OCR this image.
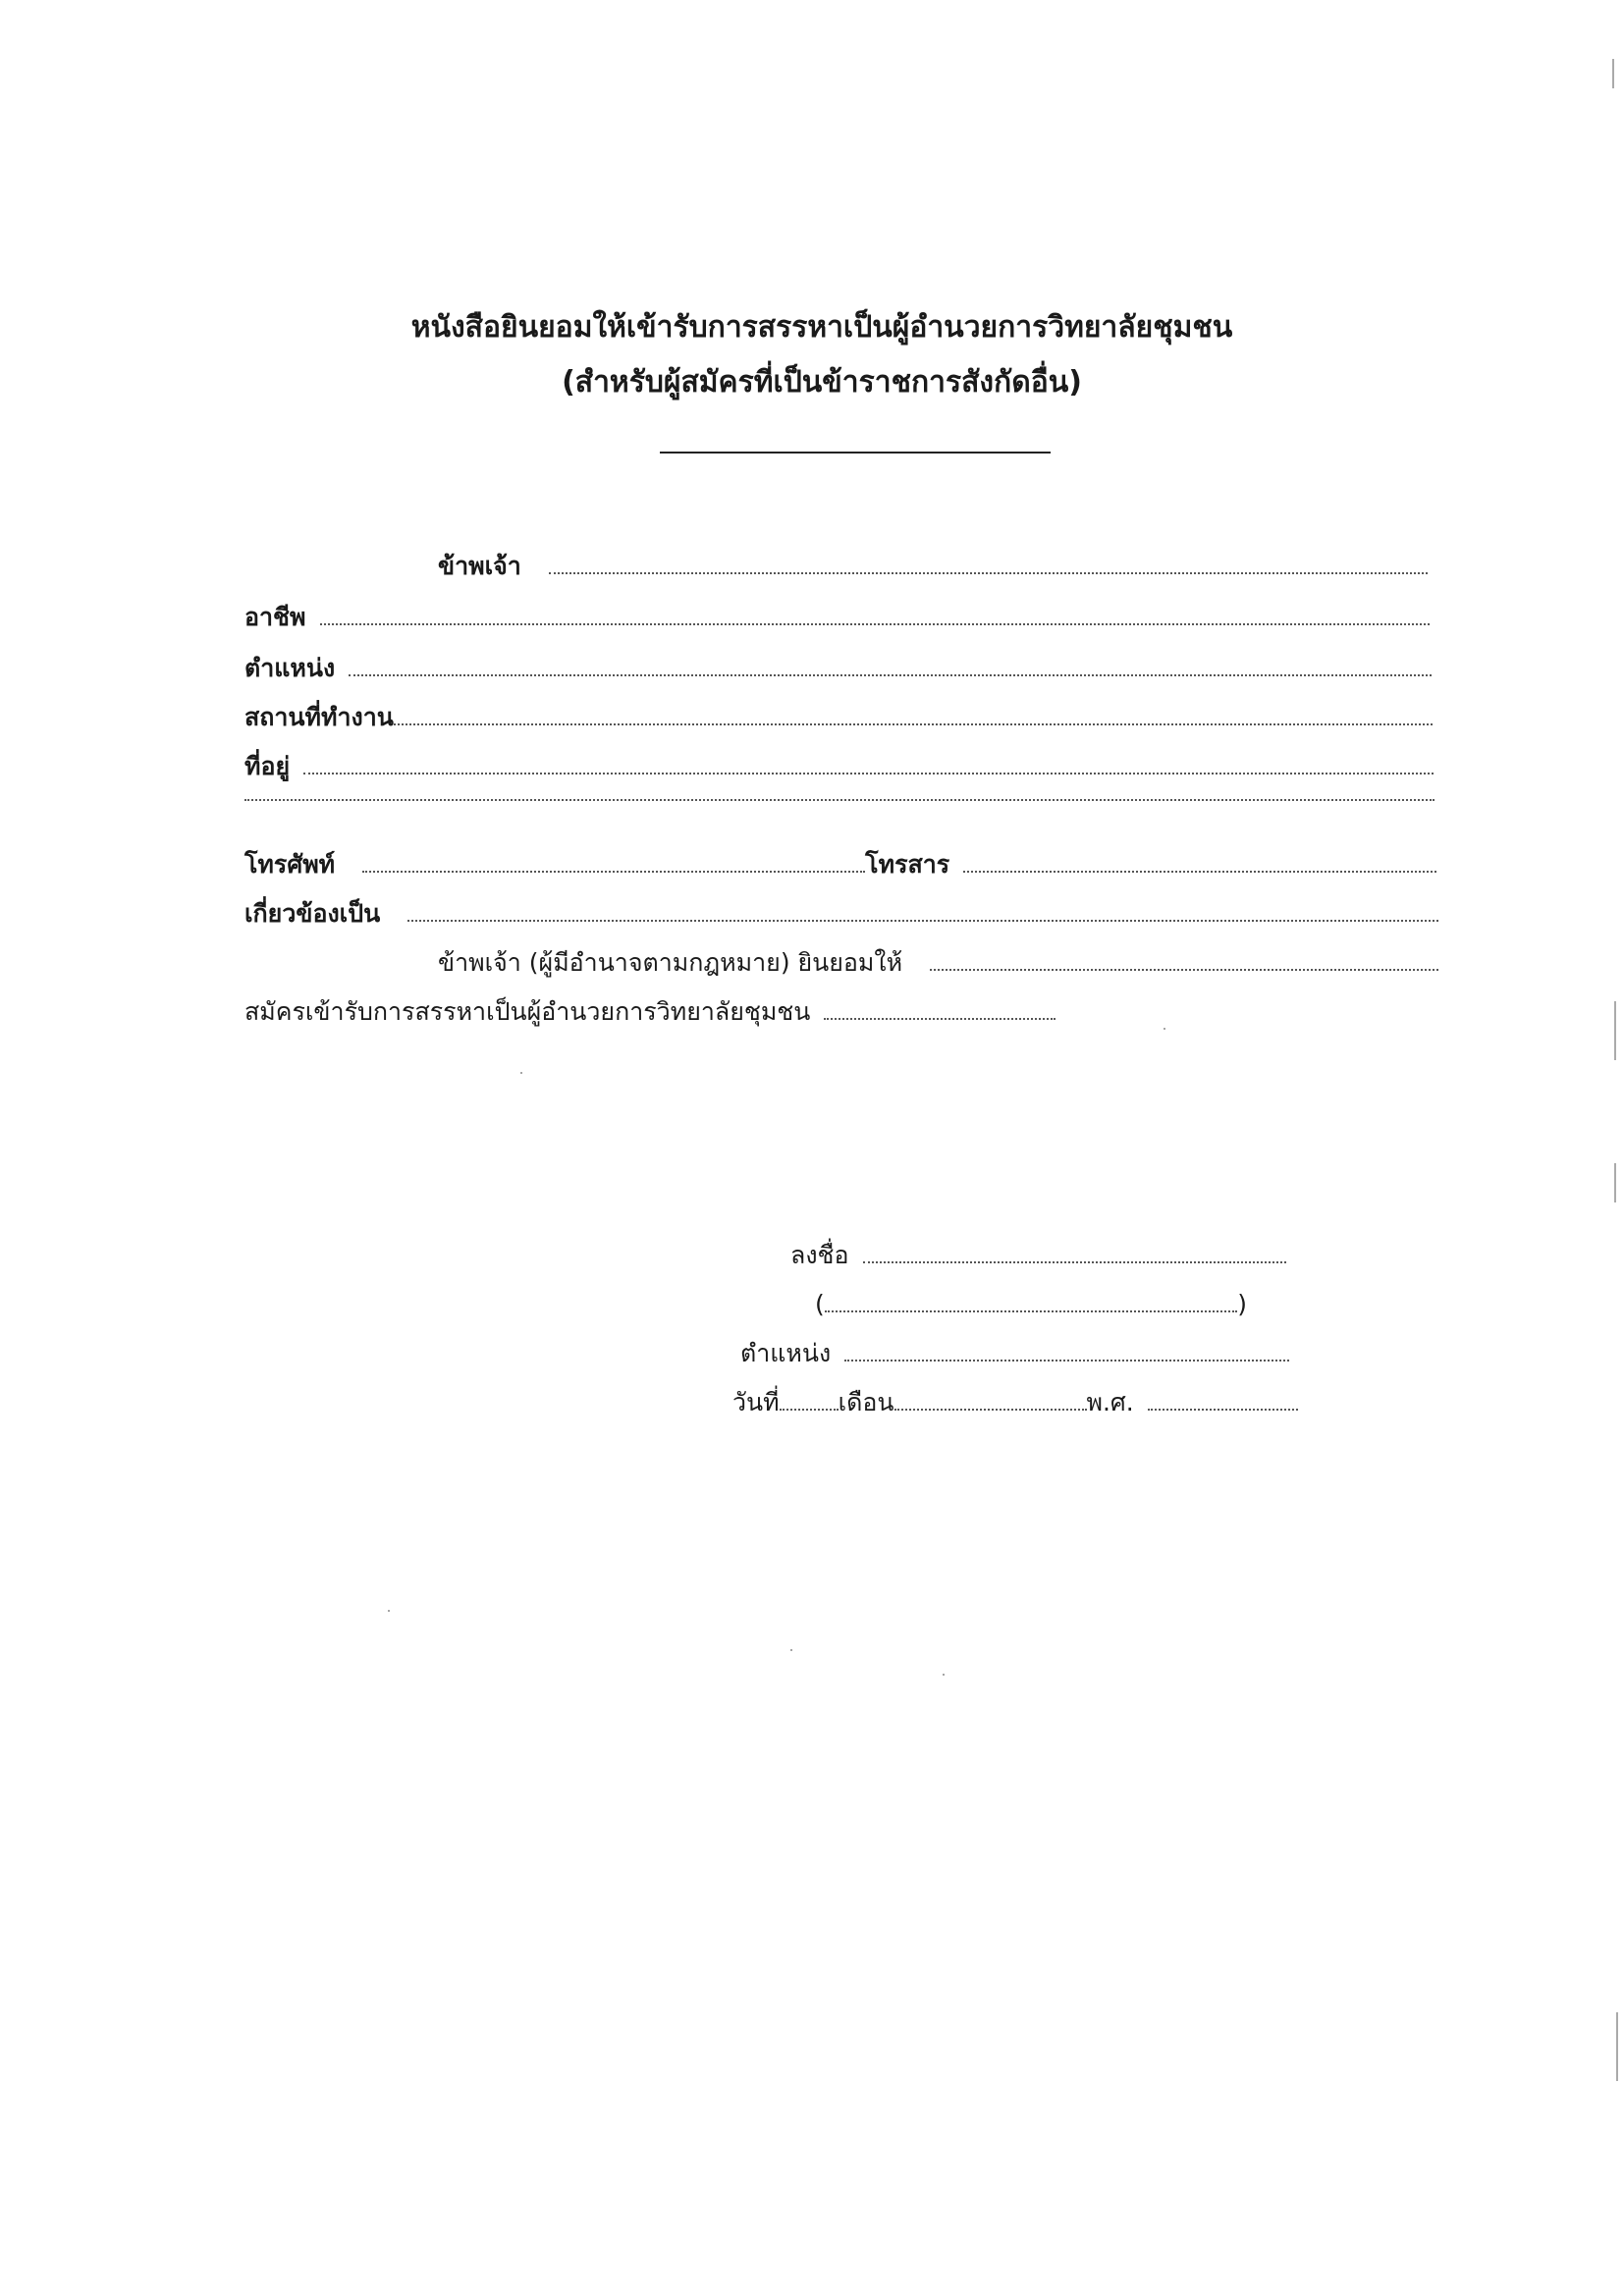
หนังสือยินยอมให้เข้ารับการสรรหาเป็นผู้อำนวยการวิทยาลัยชุมชน
(สำหรับผู้สมัครที่เป็นข้าราชการสังกัดอื่น)
ข้าพเจ้า
อาชีพ
ตำแหน่ง
สถานที่ทำงาน
ที่อยู่
โทรศัพท์	โทรสาร
เกี่ยวข้องเป็น
ข้าพเจ้า (ผู้มีอำนาจตามกฎหมาย) ยินยอมให้
สมัครเข้ารับการสรรหาเป็นผู้อำนวยการวิทยาลัยชุมชน
ลงชื่อ
(	)
ตำแหน่ง
วันที่ เดือน	พ.ศ.
